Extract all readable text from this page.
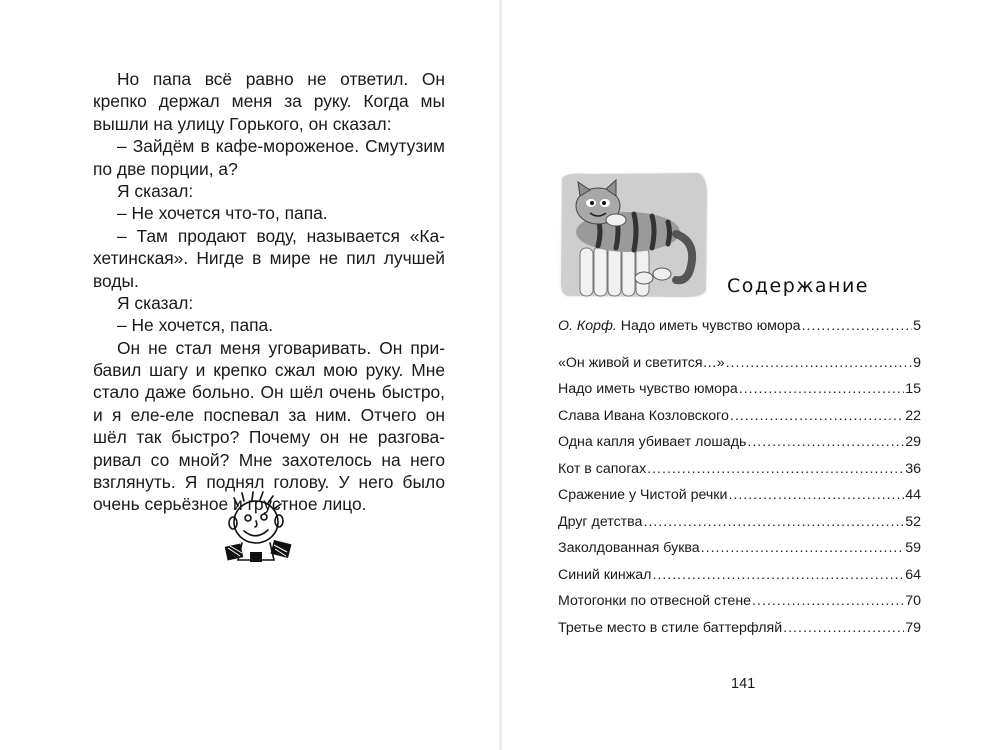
Но папа всё равно не ответил. Он
крепко держал меня за руку. Когда мы
вышли на улицу Горького, он сказал:
– Зайдём в кафе-мороженое. Смутузим
по две порции, а?
Я сказал:
– Не хочется что-то, папа.
– Там продают воду, называется «Ка-
хетинская». Нигде в мире не пил лучшей
воды.
Я сказал:
– Не хочется, папа.
Он не стал меня уговаривать. Он при-
бавил шагу и крепко сжал мою руку. Мне
стало даже больно. Он шёл очень быстро,
и я еле-еле поспевал за ним. Отчего он
шёл так быстро? Почему он не разгова-
ривал со мной? Мне захотелось на него
взглянуть. Я поднял голову. У него было
очень серьёзное и грустное лицо.
Содержание
О. Корф. Надо иметь чувство юмора .....	5
«Он живой и светится…» .....	9
Надо иметь чувство юмора .....	15
Слава Ивана Козловского .....	22
Одна капля убивает лошадь .....	29
Кот в сапогах .....	36
Сражение у Чистой речки .....	44
Друг детства .....	52
Заколдованная буква .....	59
Синий кинжал .....	64
Мотогонки по отвесной стене .....	70
Третье место в стиле баттерфляй .....	79
141
